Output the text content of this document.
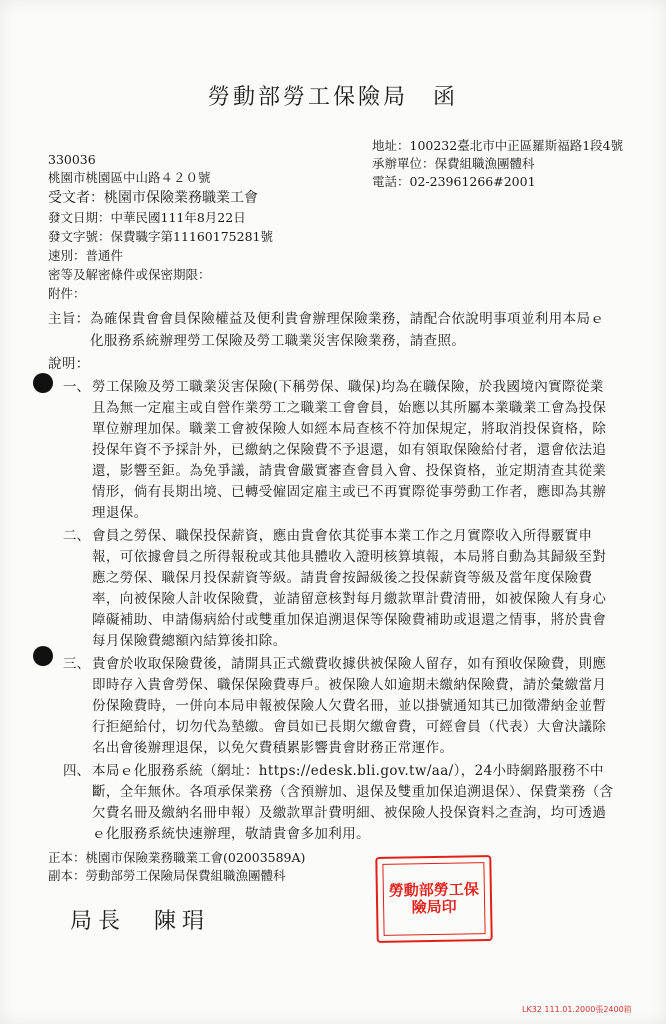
勞動部勞工保險局　函
地址：100232臺北市中正區羅斯福路1段4號
承辦單位：保費組職漁團體科
電話：02-23961266#2001
330036
桃園市桃園區中山路４２０號
受文者：桃園市保險業務職業工會
發文日期：中華民國111年8月22日
發文字號：保費職字第11160175281號
速別：普通件
密等及解密條件或保密期限：
附件：
主旨： 為確保貴會會員保險權益及便利貴會辦理保險業務，請配合依說明事項並利用本局ｅ
化服務系統辦理勞工保險及勞工職業災害保險業務，請查照。
說明：
一、 勞工保險及勞工職業災害保險(下稱勞保、職保)均為在職保險，於我國境內實際從業
且為無一定雇主或自營作業勞工之職業工會會員，始應以其所屬本業職業工會為投保
單位辦理加保。職業工會被保險人如經本局查核不符加保規定，將取消投保資格，除
投保年資不予採計外，已繳納之保險費不予退還，如有領取保險給付者，還會依法追
還，影響至鉅。為免爭議，請貴會嚴實審查會員入會、投保資格，並定期清查其從業
情形，倘有長期出境、已轉受僱固定雇主或已不再實際從事勞動工作者，應即為其辦
理退保。
二、 會員之勞保、職保投保薪資，應由貴會依其從事本業工作之月實際收入所得覈實申
報，可依據會員之所得報稅或其他具體收入證明核算填報，本局將自動為其歸級至對
應之勞保、職保月投保薪資等級。請貴會按歸級後之投保薪資等級及當年度保險費
率，向被保險人計收保險費，並請留意核對每月繳款單計費清冊，如被保險人有身心
障礙補助、申請傷病給付或雙重加保追溯退保等保險費補助或退還之情事，將於貴會
每月保險費總額內結算後扣除。
三、 貴會於收取保險費後，請開具正式繳費收據供被保險人留存，如有預收保險費，則應
即時存入貴會勞保、職保保險費專戶。被保險人如逾期未繳納保險費，請於彙繳當月
份保險費時，一併向本局申報被保險人欠費名冊，並以掛號通知其已加徵滯納金並暫
行拒絕給付，切勿代為墊繳。會員如已長期欠繳會費，可經會員（代表）大會決議除
名出會後辦理退保，以免欠費積累影響貴會財務正常運作。
四、 本局ｅ化服務系統（網址：https://edesk.bli.gov.tw/aa/），24小時網路服務不中
斷，全年無休。各項承保業務（含預辦加、退保及雙重加保追溯退保）、保費業務（含
欠費名冊及繳納名冊申報）及繳款單計費明細、被保險人投保資料之查詢，均可透過
ｅ化服務系統快速辦理，敬請貴會多加利用。
正本：桃園市保險業務職業工會(02003589A)
副本：勞動部勞工保險局保費組職漁團體科
局長　陳琄
勞動部勞工保險局印
LK32 111.01.2000張2400箱
